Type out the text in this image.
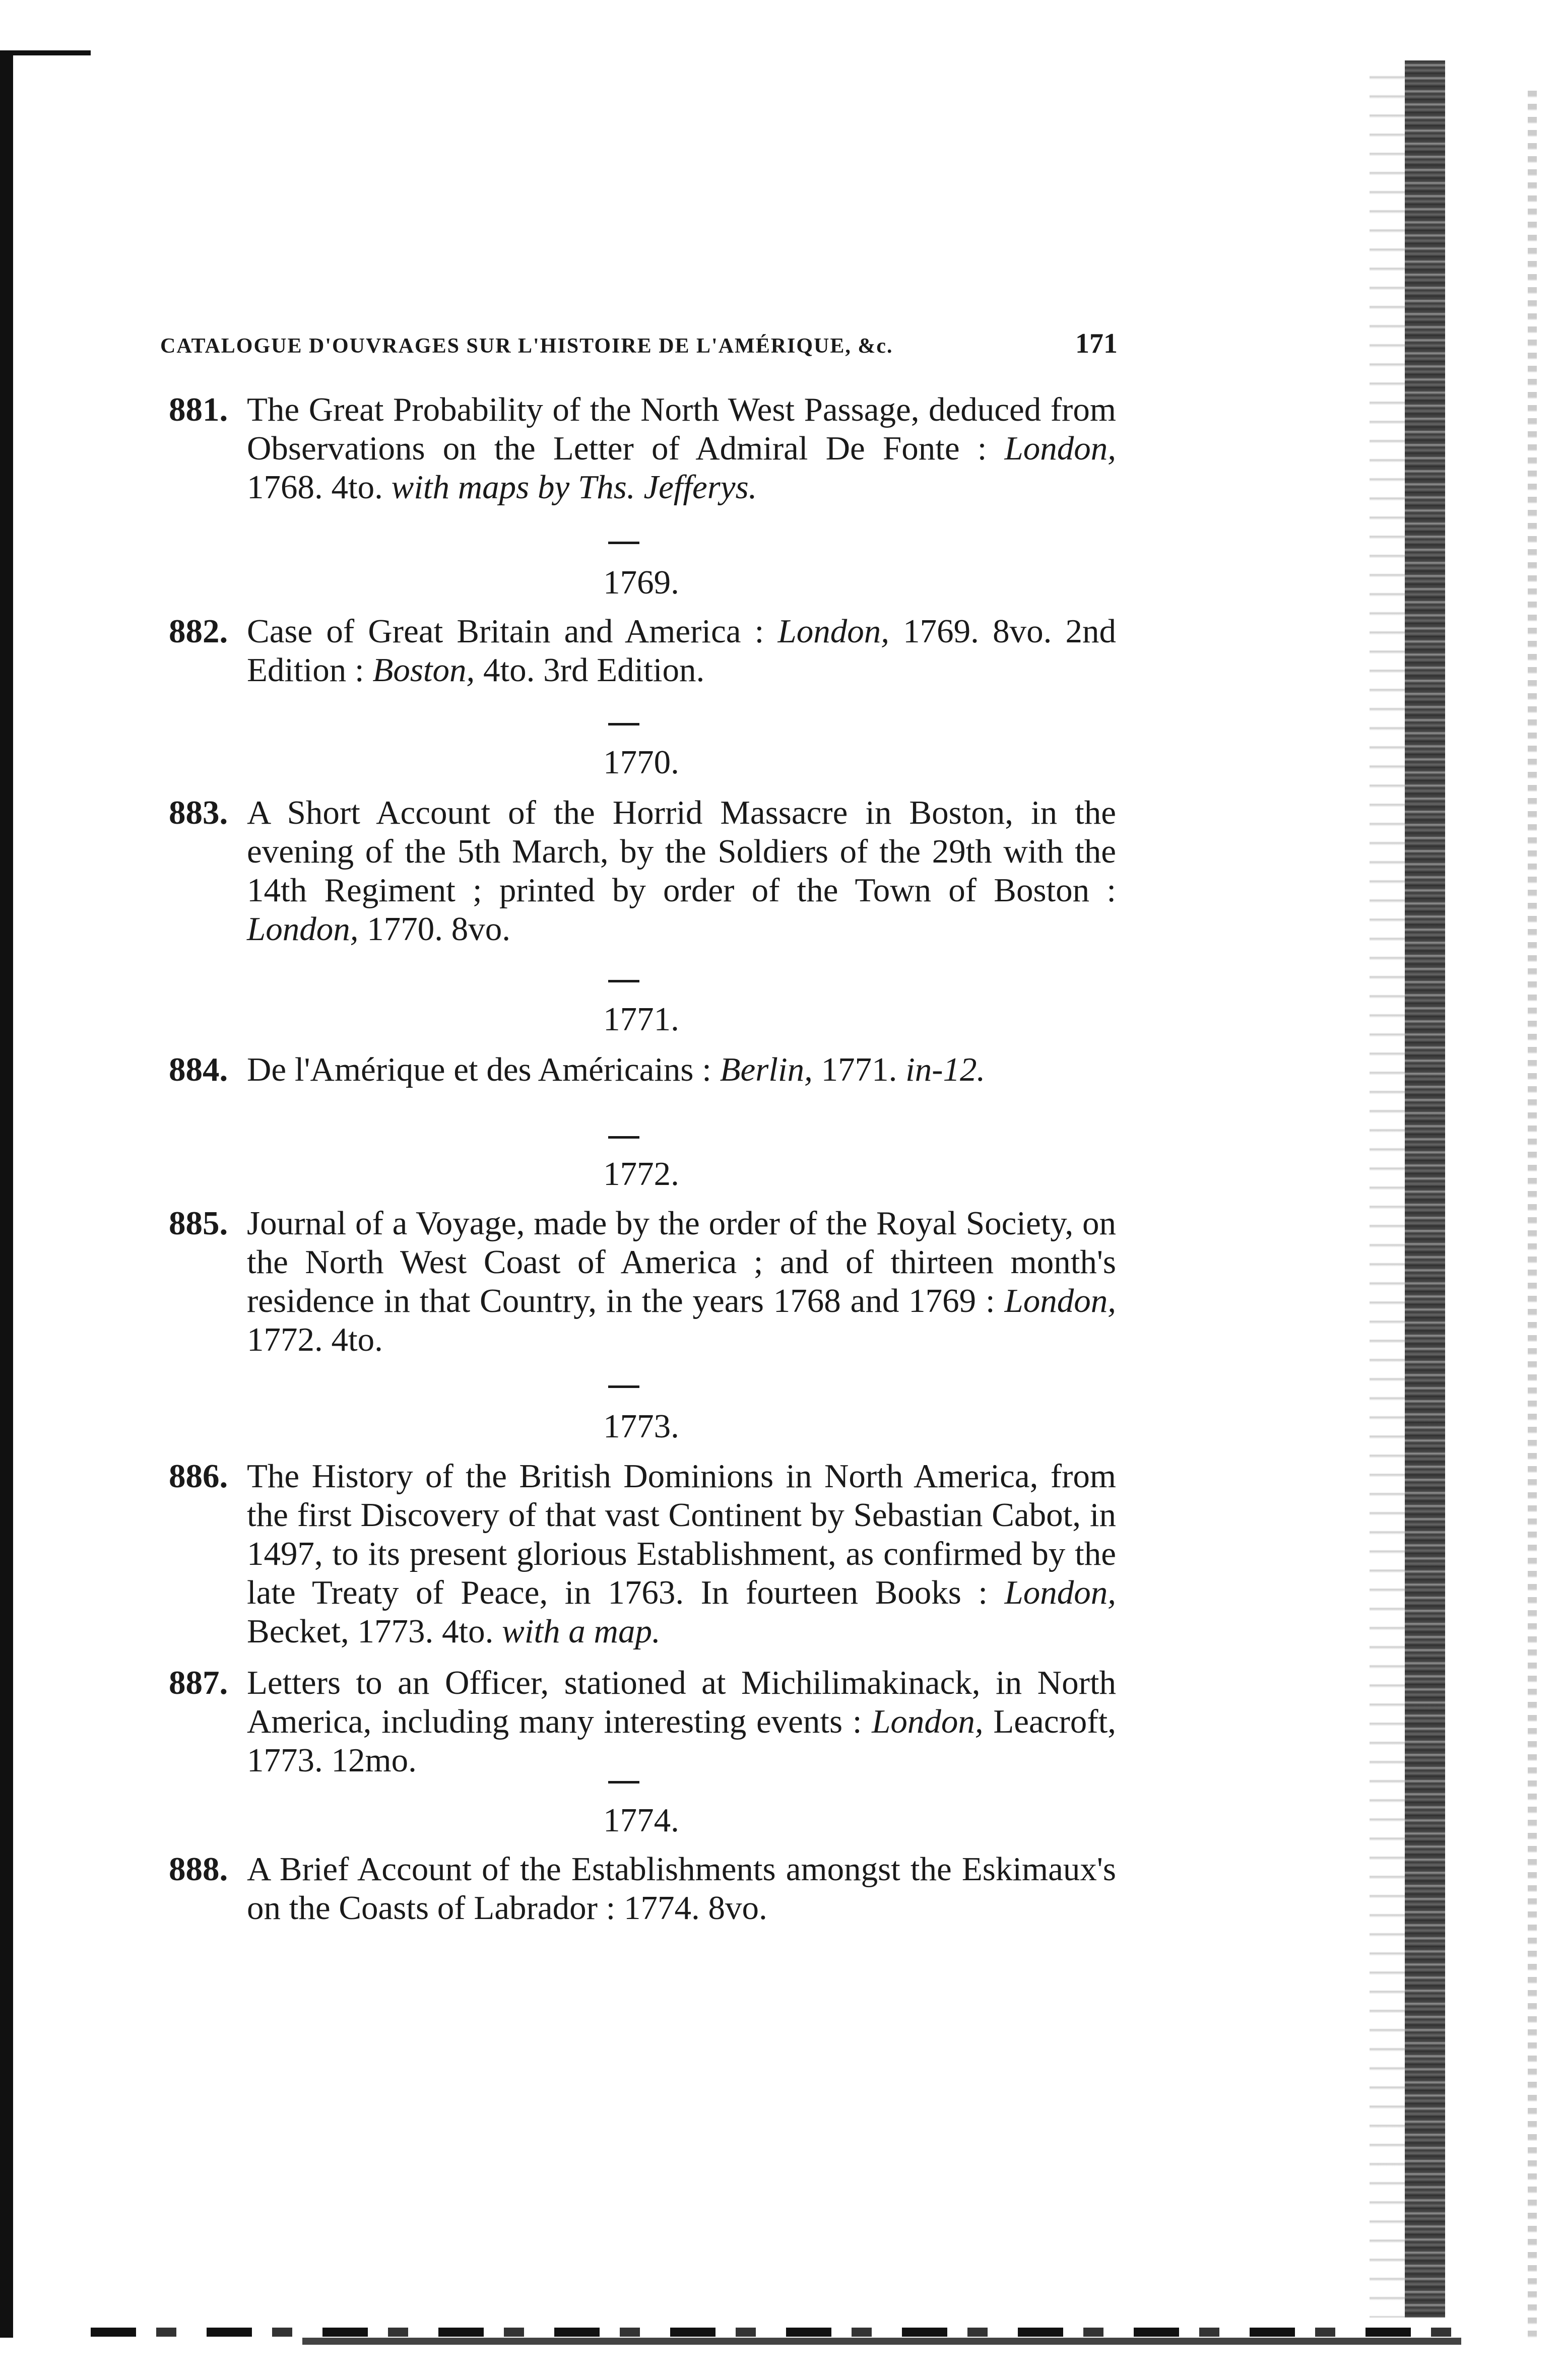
CATALOGUE D'OUVRAGES SUR L'HISTOIRE DE L'AMÉRIQUE, &c.	171
881. The Great Probability of the North West Passage, deduced from Observations on the Letter of Admiral De Fonte : London, 1768. 4to. with maps by Ths. Jefferys.
1769.
882. Case of Great Britain and America : London, 1769. 8vo. 2nd Edition : Boston, 4to. 3rd Edition.
1770.
883. A Short Account of the Horrid Massacre in Boston, in the evening of the 5th March, by the Soldiers of the 29th with the 14th Regiment ; printed by order of the Town of Boston : London, 1770. 8vo.
1771.
884. De l'Amérique et des Américains : Berlin, 1771. in-12.
1772.
885. Journal of a Voyage, made by the order of the Royal Society, on the North West Coast of America ; and of thirteen month's residence in that Country, in the years 1768 and 1769 : London, 1772. 4to.
1773.
886. The History of the British Dominions in North America, from the first Discovery of that vast Continent by Sebastian Cabot, in 1497, to its present glorious Establishment, as confirmed by the late Treaty of Peace, in 1763. In fourteen Books : London, Becket, 1773. 4to. with a map.
887. Letters to an Officer, stationed at Michilimakinack, in North America, including many interesting events : London, Leacroft, 1773. 12mo.
1774.
888. A Brief Account of the Establishments amongst the Eskimaux's on the Coasts of Labrador : 1774. 8vo.
